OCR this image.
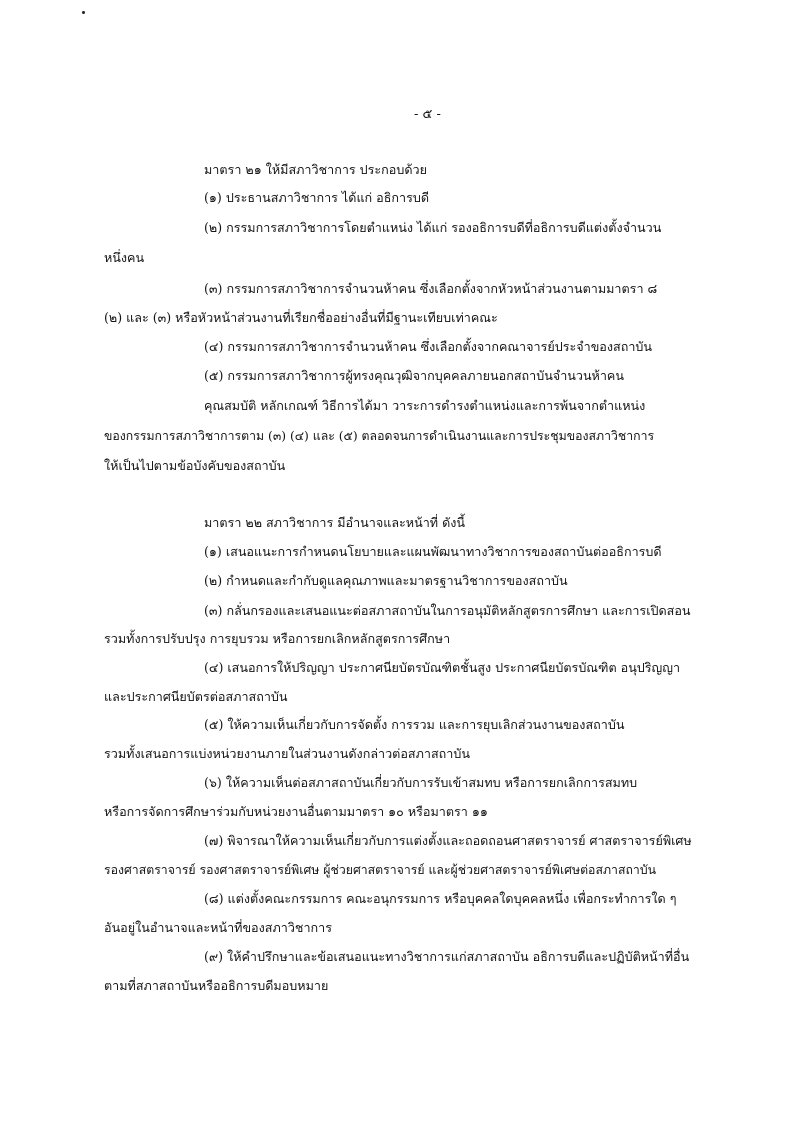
- ๕ -
มาตรา ๒๑ ให้มีสภาวิชาการ ประกอบด้วย
(๑) ประธานสภาวิชาการ ได้แก่ อธิการบดี
(๒) กรรมการสภาวิชาการโดยตำแหน่ง ได้แก่ รองอธิการบดีที่อธิการบดีแต่งตั้งจำนวน
หนึ่งคน
(๓) กรรมการสภาวิชาการจำนวนห้าคน ซึ่งเลือกตั้งจากหัวหน้าส่วนงานตามมาตรา ๘
(๒) และ (๓) หรือหัวหน้าส่วนงานที่เรียกชื่ออย่างอื่นที่มีฐานะเทียบเท่าคณะ
(๔) กรรมการสภาวิชาการจำนวนห้าคน ซึ่งเลือกตั้งจากคณาจารย์ประจำของสถาบัน
(๕) กรรมการสภาวิชาการผู้ทรงคุณวุฒิจากบุคคลภายนอกสถาบันจำนวนห้าคน
คุณสมบัติ หลักเกณฑ์ วิธีการได้มา วาระการดำรงตำแหน่งและการพ้นจากตำแหน่ง
ของกรรมการสภาวิชาการตาม (๓) (๔) และ (๕) ตลอดจนการดำเนินงานและการประชุมของสภาวิชาการ
ให้เป็นไปตามข้อบังคับของสถาบัน
มาตรา ๒๒ สภาวิชาการ มีอำนาจและหน้าที่ ดังนี้
(๑) เสนอแนะการกำหนดนโยบายและแผนพัฒนาทางวิชาการของสถาบันต่ออธิการบดี
(๒) กำหนดและกำกับดูแลคุณภาพและมาตรฐานวิชาการของสถาบัน
(๓) กลั่นกรองและเสนอแนะต่อสภาสถาบันในการอนุมัติหลักสูตรการศึกษา และการเปิดสอน
รวมทั้งการปรับปรุง การยุบรวม หรือการยกเลิกหลักสูตรการศึกษา
(๔) เสนอการให้ปริญญา ประกาศนียบัตรบัณฑิตชั้นสูง ประกาศนียบัตรบัณฑิต อนุปริญญา
และประกาศนียบัตรต่อสภาสถาบัน
(๕) ให้ความเห็นเกี่ยวกับการจัดตั้ง การรวม และการยุบเลิกส่วนงานของสถาบัน
รวมทั้งเสนอการแบ่งหน่วยงานภายในส่วนงานดังกล่าวต่อสภาสถาบัน
(๖) ให้ความเห็นต่อสภาสถาบันเกี่ยวกับการรับเข้าสมทบ หรือการยกเลิกการสมทบ
หรือการจัดการศึกษาร่วมกับหน่วยงานอื่นตามมาตรา ๑๐ หรือมาตรา ๑๑
(๗) พิจารณาให้ความเห็นเกี่ยวกับการแต่งตั้งและถอดถอนศาสตราจารย์ ศาสตราจารย์พิเศษ
รองศาสตราจารย์ รองศาสตราจารย์พิเศษ ผู้ช่วยศาสตราจารย์ และผู้ช่วยศาสตราจารย์พิเศษต่อสภาสถาบัน
(๘) แต่งตั้งคณะกรรมการ คณะอนุกรรมการ หรือบุคคลใดบุคคลหนึ่ง เพื่อกระทำการใด ๆ
อันอยู่ในอำนาจและหน้าที่ของสภาวิชาการ
(๙) ให้คำปรึกษาและข้อเสนอแนะทางวิชาการแก่สภาสถาบัน อธิการบดีและปฏิบัติหน้าที่อื่น
ตามที่สภาสถาบันหรืออธิการบดีมอบหมาย
